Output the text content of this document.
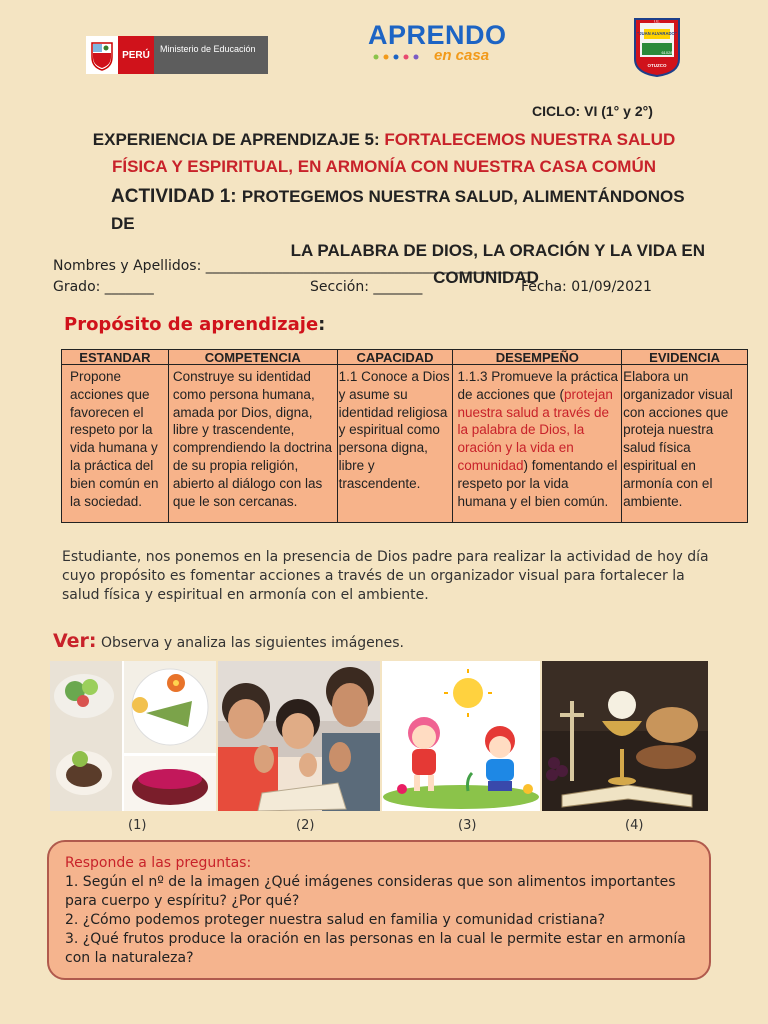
PERÚ
Ministerio de Educación	APRENDO
en casa
I.E.
"JUAN ALVARADO"
61028
OTUZCO
CICLO: VI (1° y 2°)
EXPERIENCIA DE APRENDIZAJE 5: FORTALECEMOS NUESTRA SALUD
FÍSICA Y ESPIRITUAL, EN ARMONÍA CON NUESTRA CASA COMÚN
ACTIVIDAD 1: PROTEGEMOS NUESTRA SALUD, ALIMENTÁNDONOS DE
LA PALABRA DE DIOS, LA ORACIÓN Y LA VIDA EN
COMUNIDAD
Nombres y Apellidos: ______________________________________________
Grado: _______	Sección: _______	Fecha: 01/09/2021
Propósito de aprendizaje:
ESTANDAR	COMPETENCIA	CAPACIDAD	DESEMPEÑO	EVIDENCIA
Propone acciones que favorecen el respeto por la vida humana y la práctica del bien común en la sociedad.	Construye su identidad como persona humana, amada por Dios, digna, libre y trascendente, comprendiendo la doctrina de su propia religión, abierto al diálogo con las que le son cercanas.	1.1 Conoce a Dios y asume su identidad religiosa y espiritual como persona digna, libre y trascendente.	1.1.3 Promueve la práctica de acciones que (protejan nuestra salud a través de la palabra de Dios, la oración y la vida en comunidad) fomentando el respeto por la vida humana y el bien común.	Elabora un organizador visual con acciones que proteja nuestra salud física espiritual en armonía con el ambiente.
Estudiante, nos ponemos en la presencia de Dios padre para realizar la actividad de hoy día cuyo propósito es fomentar acciones a través de un organizador visual para fortalecer la salud física y espiritual en armonía con el ambiente.
Ver: Observa y analiza las siguientes imágenes.
(1)	(2)	(3)	(4)
Responde a las preguntas:
1. Según el nº de la imagen ¿Qué imágenes consideras que son alimentos importantes para cuerpo y espíritu? ¿Por qué?
2. ¿Cómo podemos proteger nuestra salud en familia y comunidad cristiana?
3. ¿Qué frutos produce la oración en las personas en la cual le permite estar en armonía con la naturaleza?
